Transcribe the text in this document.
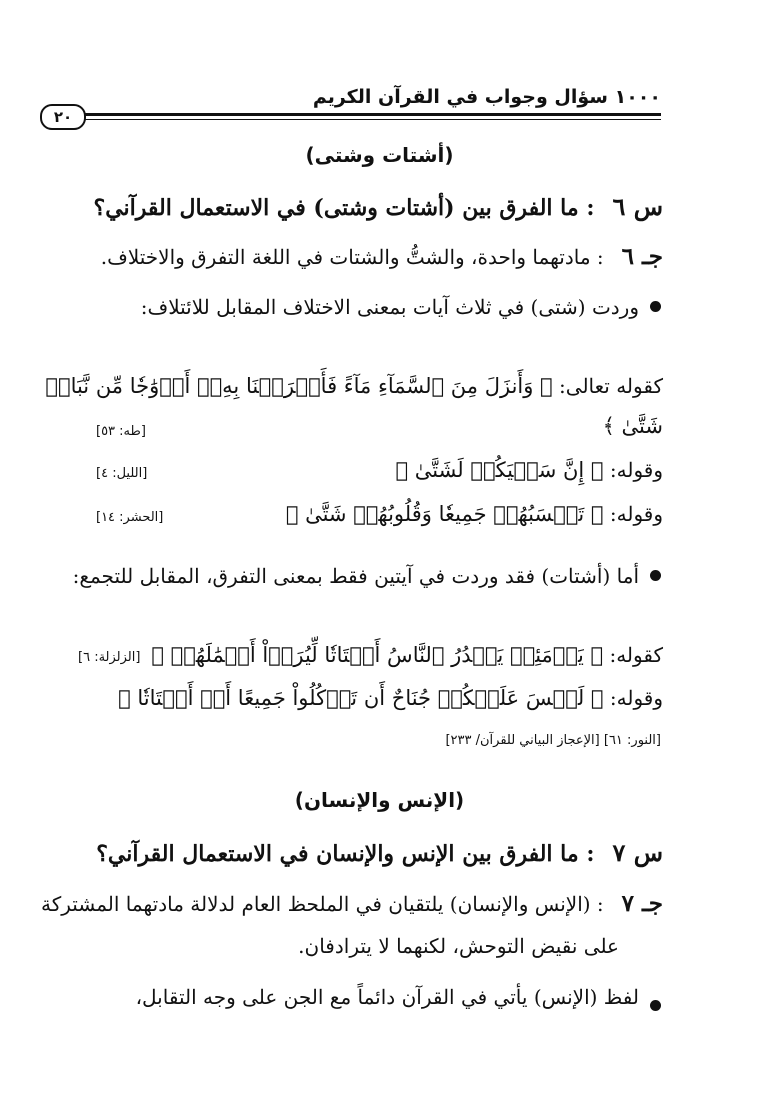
١٠٠٠ سؤال وجواب في القرآن الكريم
٢٠
(أشتات وشتى)
س ٦: ما الفرق بين (أشتات وشتى) في الاستعمال القرآني؟
جـ ٦: مادتهما واحدة، والشتُّ والشتات في اللغة التفرق والاختلاف.
وردت (شتى) في ثلاث آيات بمعنى الاختلاف المقابل للائتلاف:
كقوله تعالى: ﴿ وَأَنزَلَ مِنَ ٱلسَّمَآءِ مَآءً فَأَخۡرَجۡنَا بِهِۦٓ أَزۡوَٰجٗا مِّن نَّبَاتٖ
شَتَّىٰ ﴾
[طه: ٥٣]
وقوله: ﴿ إِنَّ سَعۡيَكُمۡ لَشَتَّىٰ ﴾
[الليل: ٤]
وقوله: ﴿ تَحۡسَبُهُمۡ جَمِيعٗا وَقُلُوبُهُمۡ شَتَّىٰ ﴾
[الحشر: ١٤]
أما (أشتات) فقد وردت في آيتين فقط بمعنى التفرق، المقابل للتجمع:
كقوله: ﴿ يَوۡمَئِذٖ يَصۡدُرُ ٱلنَّاسُ أَشۡتَاتٗا لِّيُرَوۡاْ أَعۡمَٰلَهُمۡ ﴾
[الزلزلة: ٦]
وقوله: ﴿ لَيۡسَ عَلَيۡكُمۡ جُنَاحٌ أَن تَأۡكُلُواْ جَمِيعًا أَوۡ أَشۡتَاتٗا ﴾
[النور: ٦١] [الإعجاز البياني للقرآن/ ٢٣٣]
(الإنس والإنسان)
س ٧: ما الفرق بين الإنس والإنسان في الاستعمال القرآني؟
جـ ٧: (الإنس والإنسان) يلتقيان في الملحظ العام لدلالة مادتهما المشتركة
على نقيض التوحش، لكنهما لا يترادفان.
لفظ (الإنس) يأتي في القرآن دائماً مع الجن على وجه التقابل،
